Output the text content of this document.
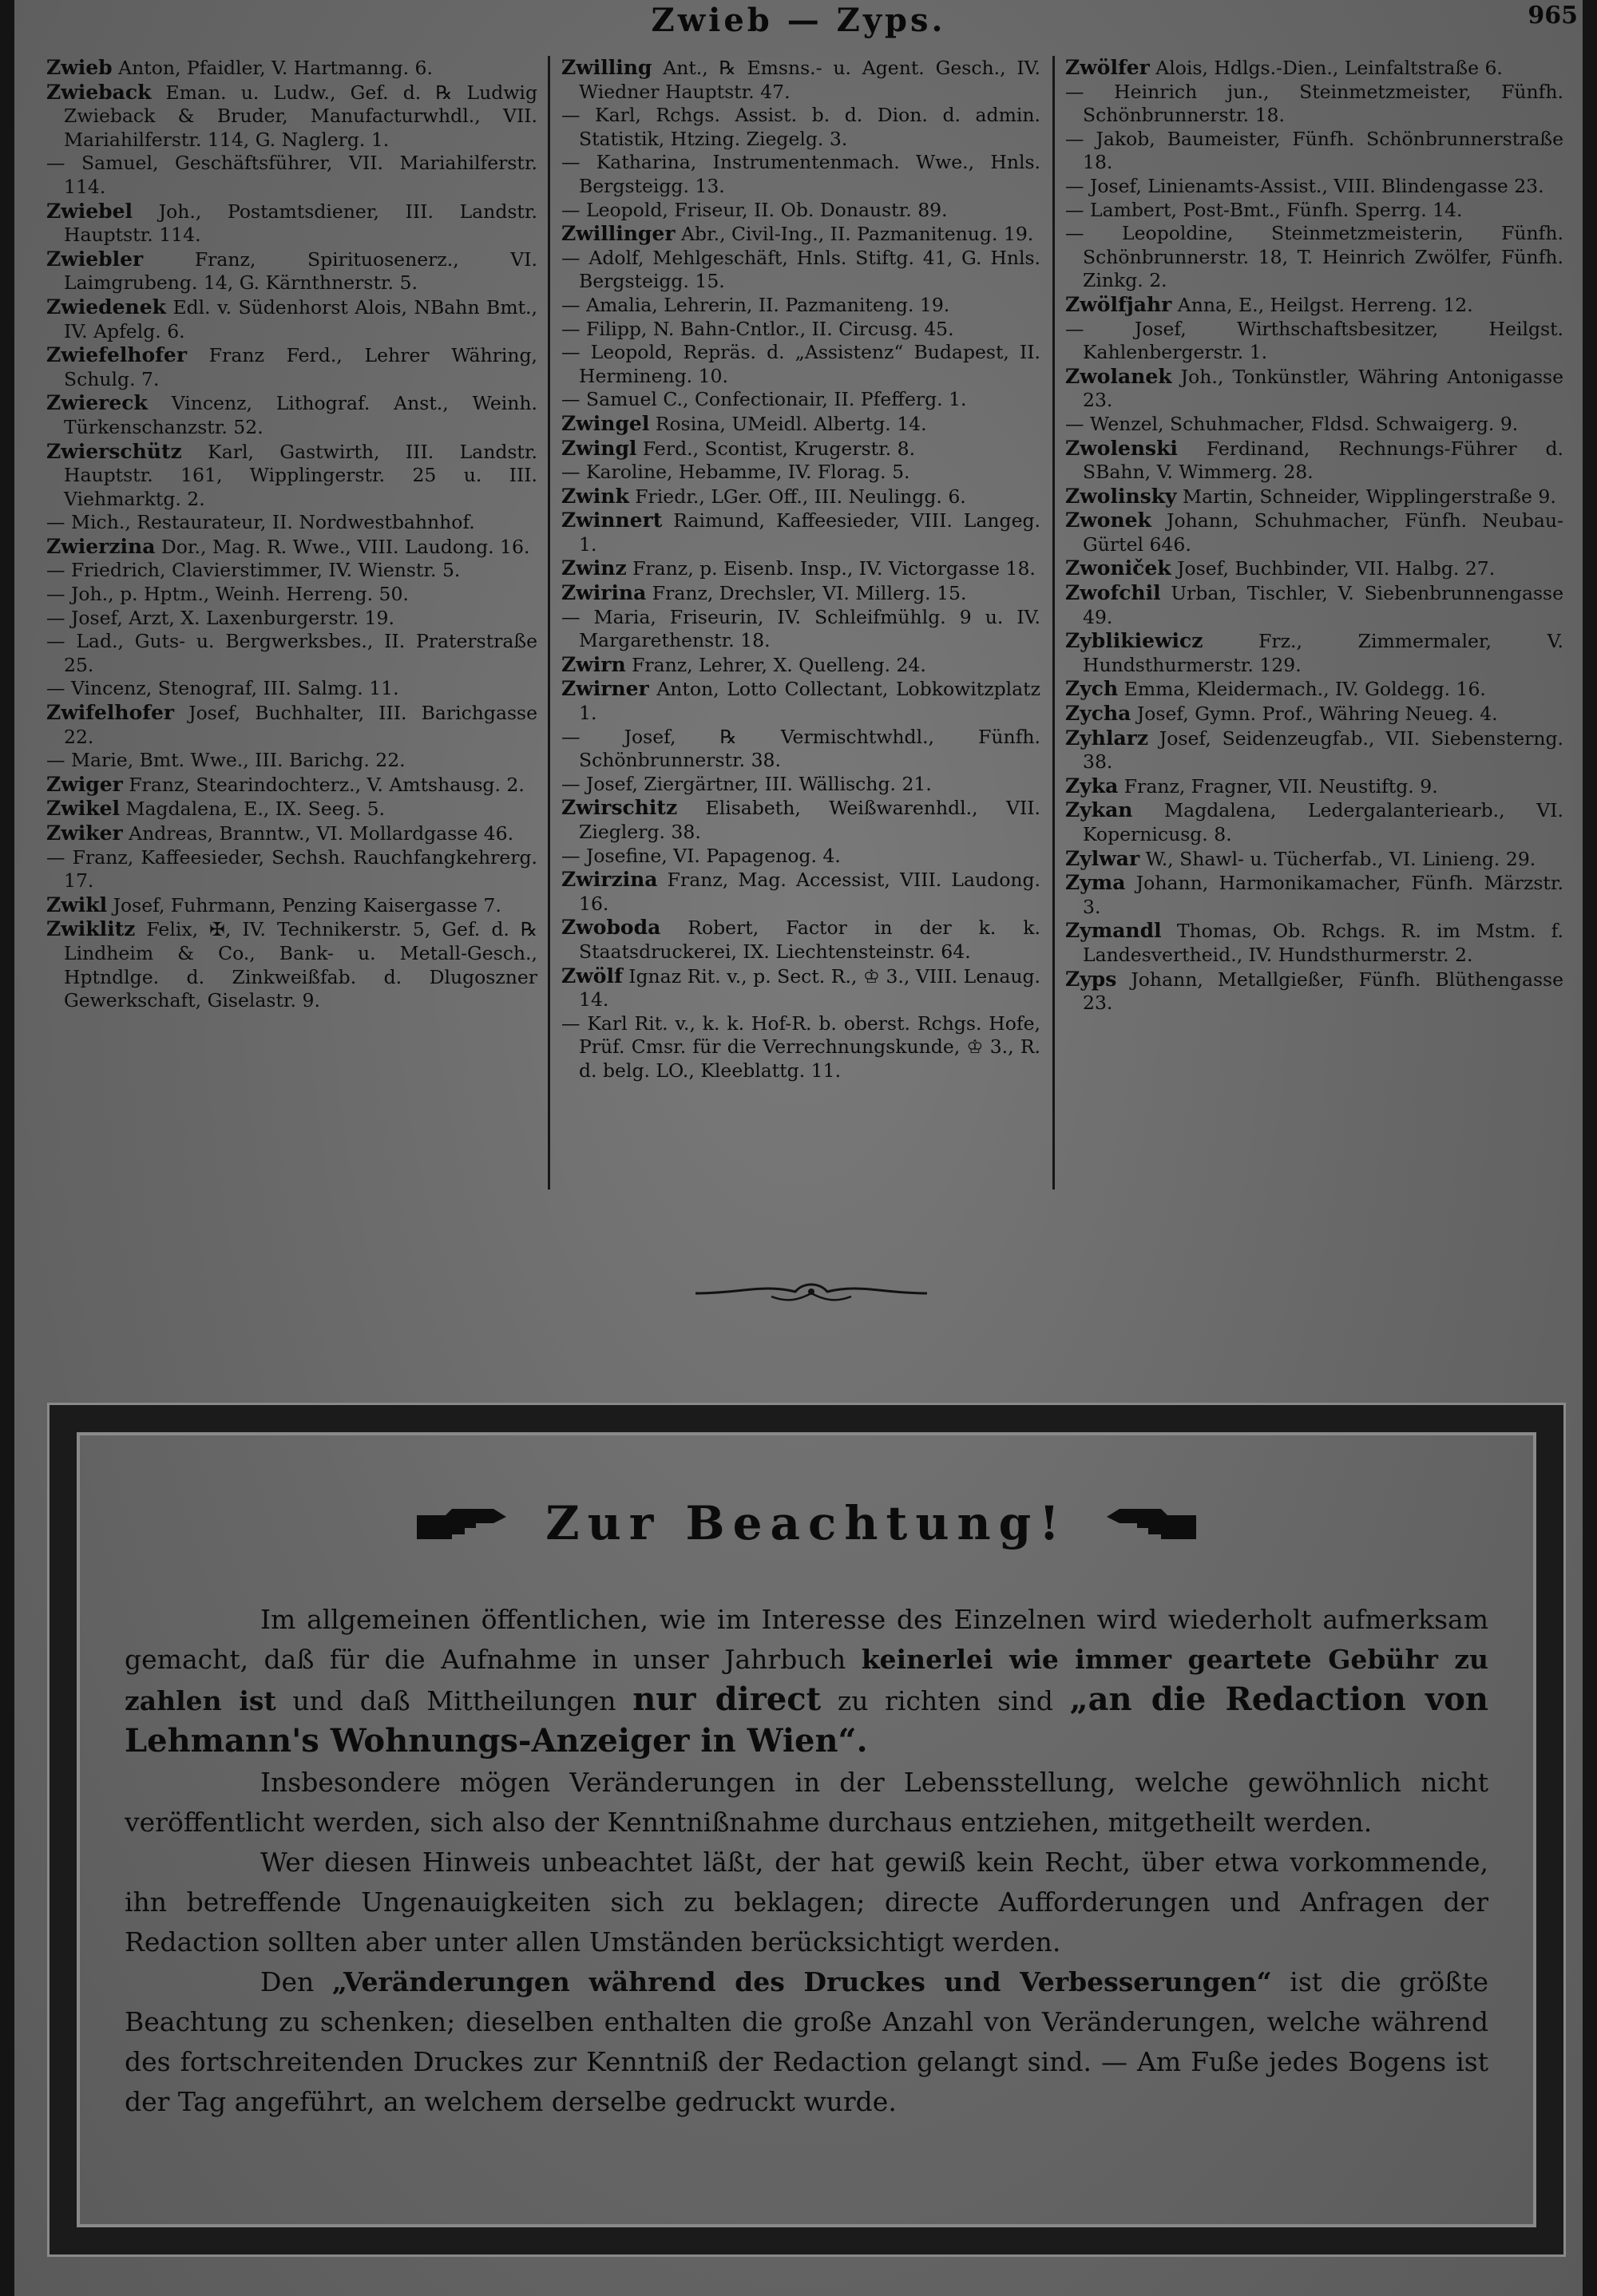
Zwieb — Zyps.	965
Zwieb Anton, Pfaidler, V. Hartmanng. 6.
Zwieback Eman. u. Ludw., Gef. d. ℞ Ludwig Zwieback & Bruder, Manufacturwhdl., VII. Mariahilferstr. 114, G. Naglerg. 1.
— Samuel, Geschäftsführer, VII. Mariahilferstr. 114.
Zwiebel Joh., Postamtsdiener, III. Landstr. Hauptstr. 114.
Zwiebler	Franz, Spirituosenerz., VI. Laimgrubeng. 14, G. Kärnthnerstr. 5.
Zwiedenek Edl. v. Südenhorst Alois, NBahn Bmt., IV. Apfelg. 6.
Zwiefelhofer Franz Ferd., Lehrer Währing, Schulg. 7.
Zwiereck Vincenz, Lithograf. Anst., Weinh. Türkenschanzstr. 52.
Zwierschütz Karl, Gastwirth, III. Landstr. Hauptstr. 161, Wipplingerstr. 25 u. III. Viehmarktg. 2.
— Mich., Restaurateur, II. Nordwestbahnhof.
Zwierzina Dor., Mag. R. Wwe., VIII. Laudong. 16.
— Friedrich, Clavierstimmer, IV. Wienstr. 5.
— Joh., p. Hptm., Weinh. Herreng. 50.
— Josef, Arzt, X. Laxenburgerstr. 19.
— Lad., Guts- u. Bergwerksbes., II. Praterstraße 25.
— Vincenz, Stenograf, III. Salmg. 11.
Zwifelhofer Josef, Buchhalter, III. Barichgasse 22.
— Marie, Bmt. Wwe., III. Barichg. 22.
Zwiger Franz, Stearindochterz., V. Amtshausg. 2.
Zwikel Magdalena, E., IX. Seeg. 5.
Zwiker Andreas, Branntw., VI. Mollardgasse 46.
— Franz, Kaffeesieder, Sechsh. Rauchfangkehrerg. 17.
Zwikl Josef, Fuhrmann, Penzing Kaisergasse 7.
Zwiklitz Felix, ✠, IV. Technikerstr. 5, Gef. d. ℞ Lindheim & Co., Bank- u. Metall-Gesch., Hptndlge. d. Zinkweißfab. d. Dlugoszner Gewerkschaft, Giselastr. 9.
Zwilling Ant., ℞ Emsns.- u. Agent. Gesch., IV. Wiedner Hauptstr. 47.
— Karl, Rchgs. Assist. b. d. Dion. d. admin. Statistik, Htzing. Ziegelg. 3.
— Katharina, Instrumentenmach. Wwe., Hnls. Bergsteigg. 13.
— Leopold, Friseur, II. Ob. Donaustr. 89.
Zwillinger Abr., Civil-Ing., II. Pazmanitenug. 19.
— Adolf, Mehlgeschäft, Hnls. Stiftg. 41, G. Hnls. Bergsteigg. 15.
— Amalia, Lehrerin, II. Pazmaniteng. 19.
— Filipp, N. Bahn-Cntlor., II. Circusg. 45.
— Leopold, Repräs. d. „Assistenz“ Budapest, II. Hermineng. 10.
— Samuel C., Confectionair, II. Pfefferg. 1.
Zwingel Rosina, UMeidl. Albertg. 14.
Zwingl Ferd., Scontist, Krugerstr. 8.
— Karoline, Hebamme, IV. Florag. 5.
Zwink Friedr., LGer. Off., III. Neulingg. 6.
Zwinnert Raimund, Kaffeesieder, VIII. Langeg. 1.
Zwinz Franz, p. Eisenb. Insp., IV. Victorgasse 18.
Zwirina Franz, Drechsler, VI. Millerg. 15.
— Maria, Friseurin, IV. Schleifmühlg. 9 u. IV. Margarethenstr. 18.
Zwirn Franz, Lehrer, X. Quelleng. 24.
Zwirner Anton, Lotto Collectant, Lobkowitzplatz 1.
— Josef, ℞ Vermischtwhdl., Fünfh. Schönbrunnerstr. 38.
— Josef, Ziergärtner, III. Wällischg. 21.
Zwirschitz Elisabeth, Weißwarenhdl., VII. Zieglerg. 38.
— Josefine, VI. Papagenog. 4.
Zwirzina Franz, Mag. Accessist, VIII. Laudong. 16.
Zwoboda Robert, Factor in der k. k. Staatsdruckerei, IX. Liechtensteinstr. 64.
Zwölf Ignaz Rit. v., p. Sect. R., ♔ 3., VIII. Lenaug. 14.
— Karl Rit. v., k. k. Hof-R. b. oberst. Rchgs. Hofe, Prüf. Cmsr. für die Verrechnungskunde, ♔ 3., R. d. belg. LO., Kleeblattg. 11.
Zwölfer Alois, Hdlgs.-Dien., Leinfaltstraße 6.
— Heinrich jun., Steinmetzmeister, Fünfh. Schönbrunnerstr. 18.
— Jakob, Baumeister, Fünfh. Schönbrunnerstraße 18.
— Josef, Linienamts-Assist., VIII. Blindengasse 23.
— Lambert, Post-Bmt., Fünfh. Sperrg. 14.
— Leopoldine, Steinmetzmeisterin, Fünfh. Schönbrunnerstr. 18, T. Heinrich Zwölfer, Fünfh. Zinkg. 2.
Zwölfjahr Anna, E., Heilgst. Herreng. 12.
— Josef, Wirthschaftsbesitzer, Heilgst. Kahlenbergerstr. 1.
Zwolanek Joh., Tonkünstler, Währing Antonigasse 23.
— Wenzel, Schuhmacher, Fldsd. Schwaigerg. 9.
Zwolenski Ferdinand, Rechnungs-Führer d. SBahn, V. Wimmerg. 28.
Zwolinsky Martin, Schneider, Wipplingerstraße 9.
Zwonek Johann, Schuhmacher, Fünfh. Neubau-Gürtel 646.
Zwoniček Josef, Buchbinder, VII. Halbg. 27.
Zwofchil Urban, Tischler, V. Siebenbrunnengasse 49.
Zyblikiewicz	Frz., Zimmermaler, V. Hundsthurmerstr. 129.
Zych Emma, Kleidermach., IV. Goldegg. 16.
Zycha Josef, Gymn. Prof., Währing Neueg. 4.
Zyhlarz Josef, Seidenzeugfab., VII. Siebensterng. 38.
Zyka Franz, Fragner, VII. Neustiftg. 9.
Zykan Magdalena, Ledergalanteriearb., VI. Kopernicusg. 8.
Zylwar W., Shawl- u. Tücherfab., VI. Linieng. 29.
Zyma Johann, Harmonikamacher, Fünfh. Märzstr. 3.
Zymandl Thomas, Ob. Rchgs. R. im Mstm. f. Landesvertheid., IV. Hundsthurmerstr. 2.
Zyps Johann, Metallgießer, Fünfh. Blüthengasse 23.
Zur Beachtung!

Im allgemeinen öffentlichen, wie im Interesse des Einzelnen wird wiederholt aufmerksam gemacht, daß für die Aufnahme in unser Jahrbuch keinerlei wie immer geartete Gebühr zu zahlen ist und daß Mittheilungen nur direct zu richten sind „an die Redaction von Lehmann's Wohnungs-Anzeiger in Wien“.

Insbesondere mögen Veränderungen in der Lebensstellung, welche gewöhnlich nicht veröffentlicht werden, sich also der Kenntnißnahme durchaus entziehen, mitgetheilt werden.

Wer diesen Hinweis unbeachtet läßt, der hat gewiß kein Recht, über etwa vorkommende, ihn betreffende Ungenauigkeiten sich zu beklagen; directe Aufforderungen und Anfragen der Redaction sollten aber unter allen Umständen berücksichtigt werden.

Den „Veränderungen während des Druckes und Verbesserungen“ ist die größte Beachtung zu schenken; dieselben enthalten die große Anzahl von Veränderungen, welche während des fortschreitenden Druckes zur Kenntniß der Redaction gelangt sind. — Am Fuße jedes Bogens ist der Tag angeführt, an welchem derselbe gedruckt wurde.
